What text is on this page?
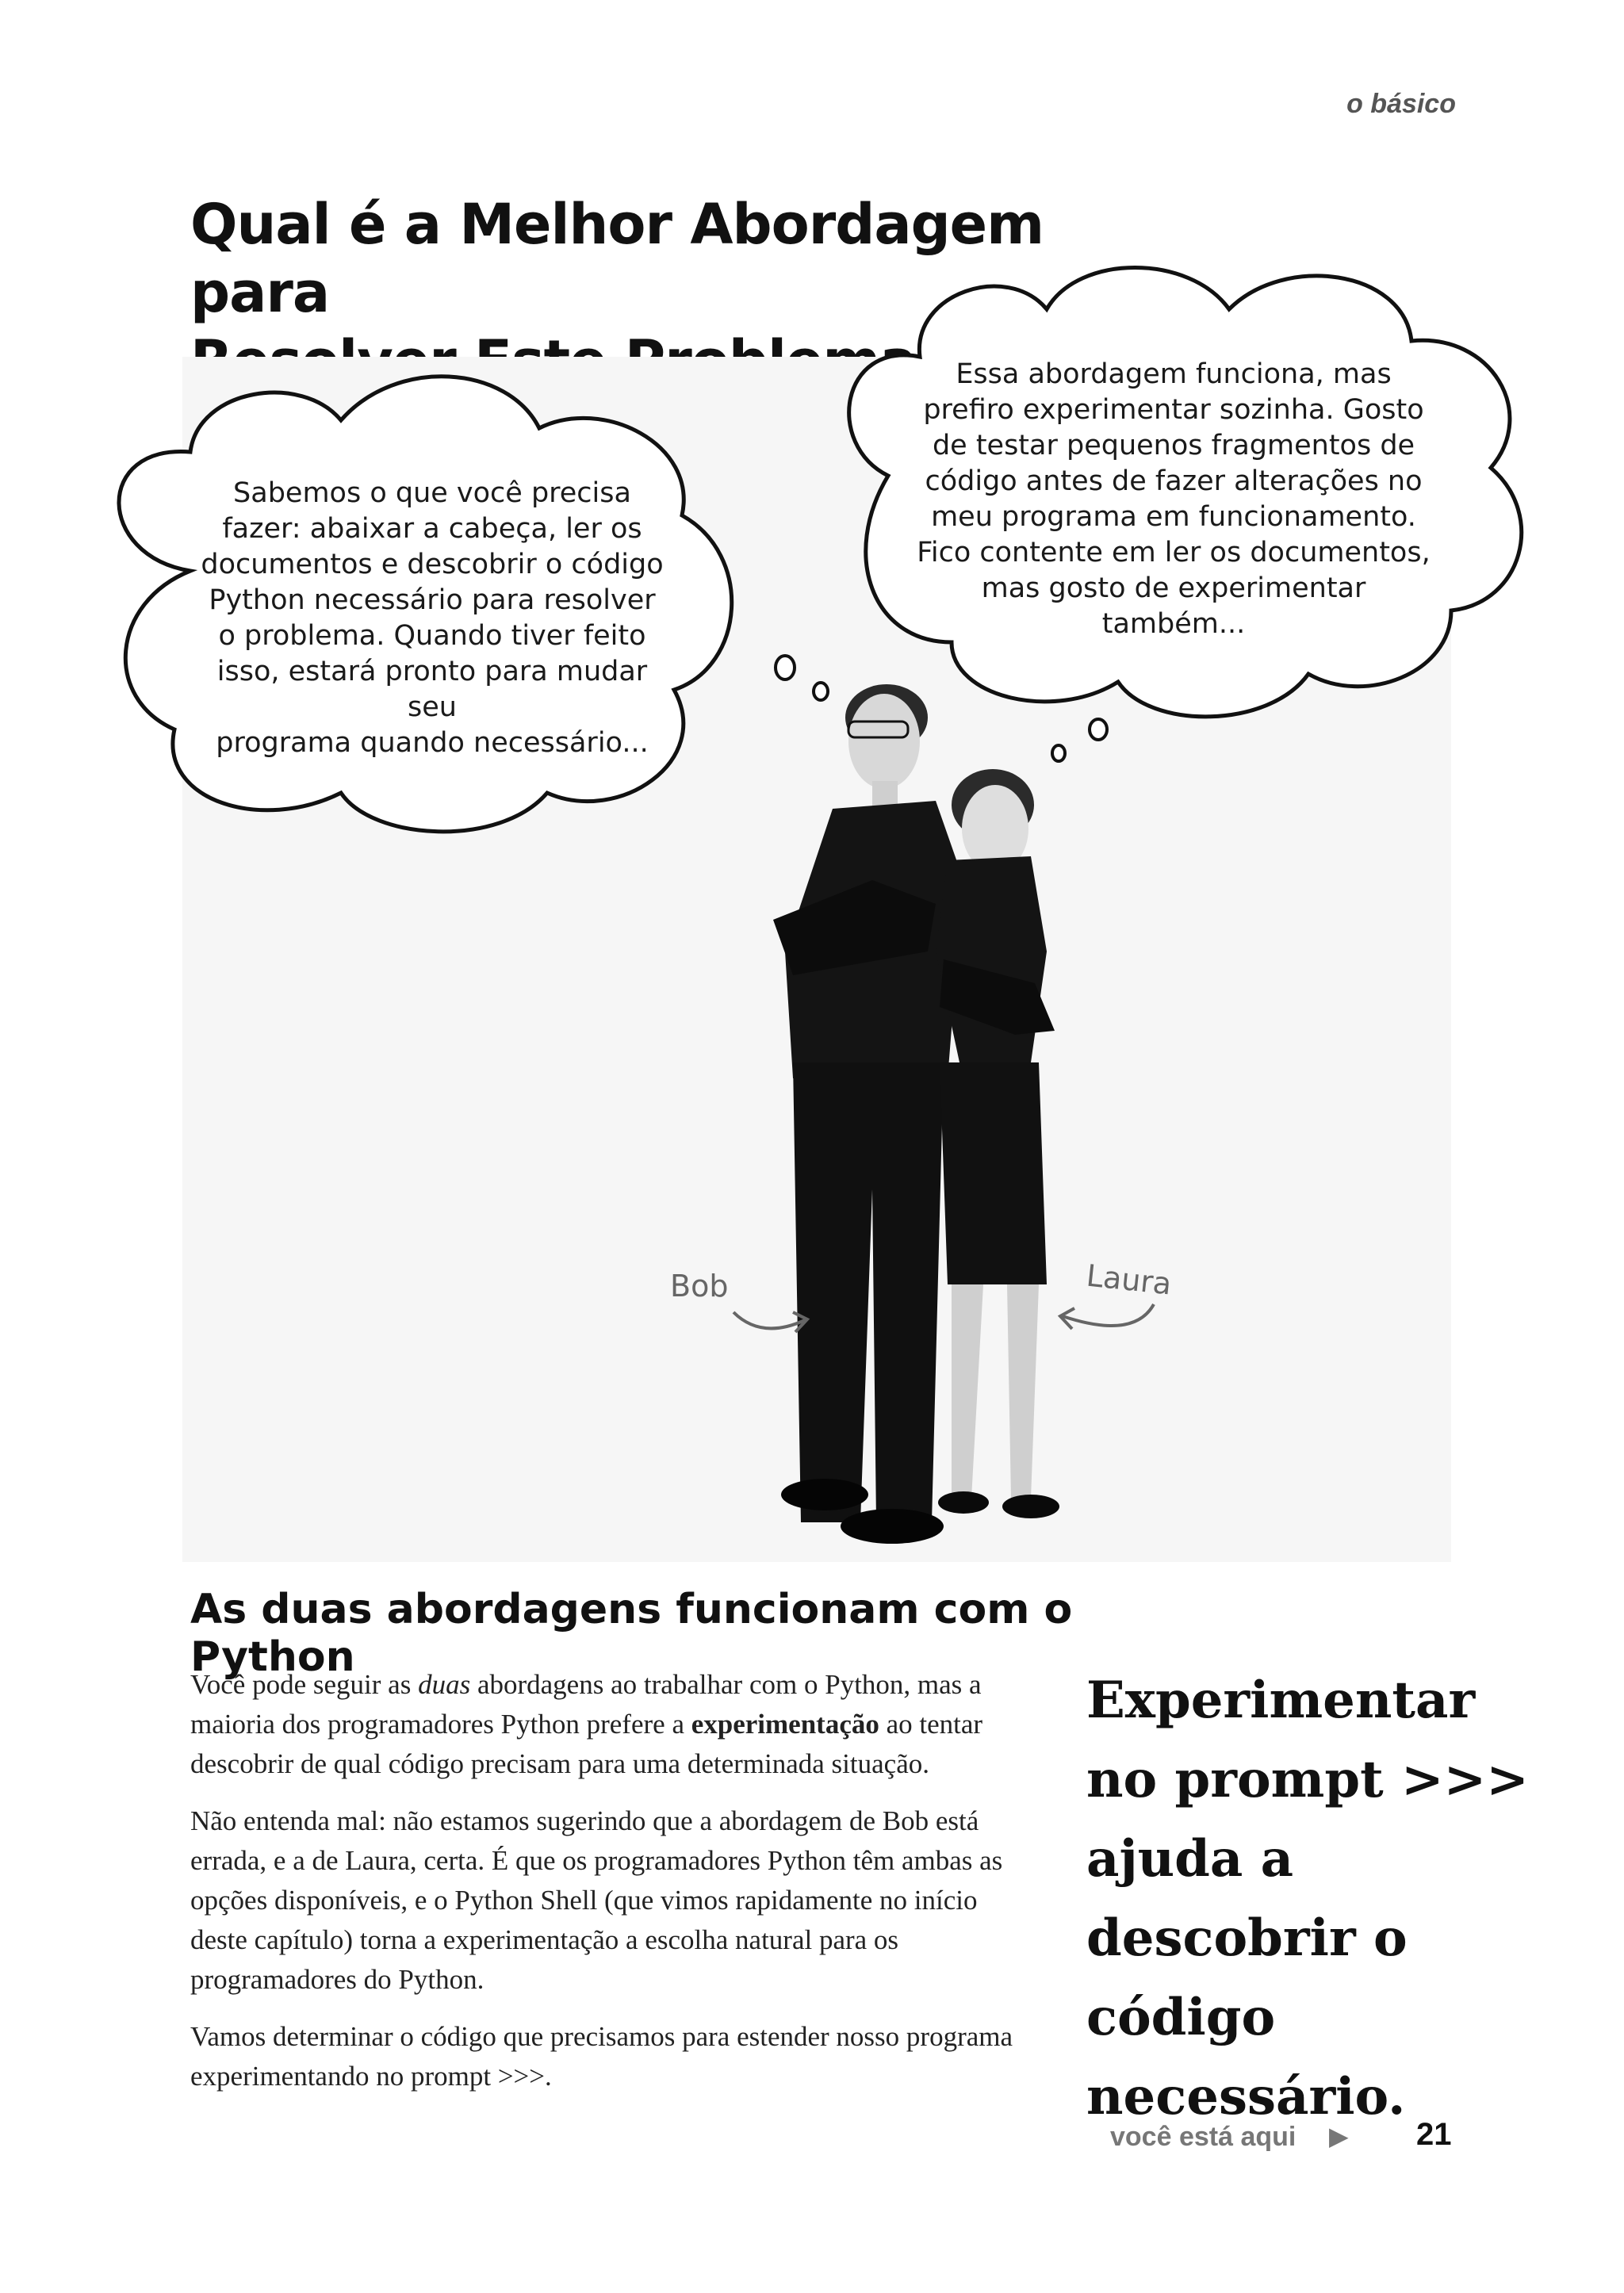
o básico
Qual é a Melhor Abordagem para
Sabemos o que você precisa
fazer: abaixar a cabeça, ler os
documentos e descobrir o código
Python necessário para resolver
o problema. Quando tiver feito
isso, estará pronto para mudar seu
programa quando necessário...
Essa abordagem funciona, mas
prefiro experimentar sozinha. Gosto
de testar pequenos fragmentos de
código antes de fazer alterações no
meu programa em funcionamento.
Fico contente em ler os documentos,
mas gosto de experimentar também...
Bob	Laura
As duas abordagens funcionam com o Python

Você pode seguir as duas abordagens ao trabalhar com o Python, mas a maioria dos programadores Python prefere a experimentação ao tentar descobrir de qual código precisam para uma determinada situação.

Não entenda mal: não estamos sugerindo que a abordagem de Bob está errada, e a de Laura, certa. É que os programadores Python têm ambas as opções disponíveis, e o Python Shell (que vimos rapidamente no início deste capítulo) torna a experimentação a escolha natural para os programadores do Python.

Vamos determinar o código que precisamos para estender nosso programa experimentando no prompt >>>.

Experimentar no prompt >>> ajuda a descobrir o código necessário.
você está aqui ▶ 21
